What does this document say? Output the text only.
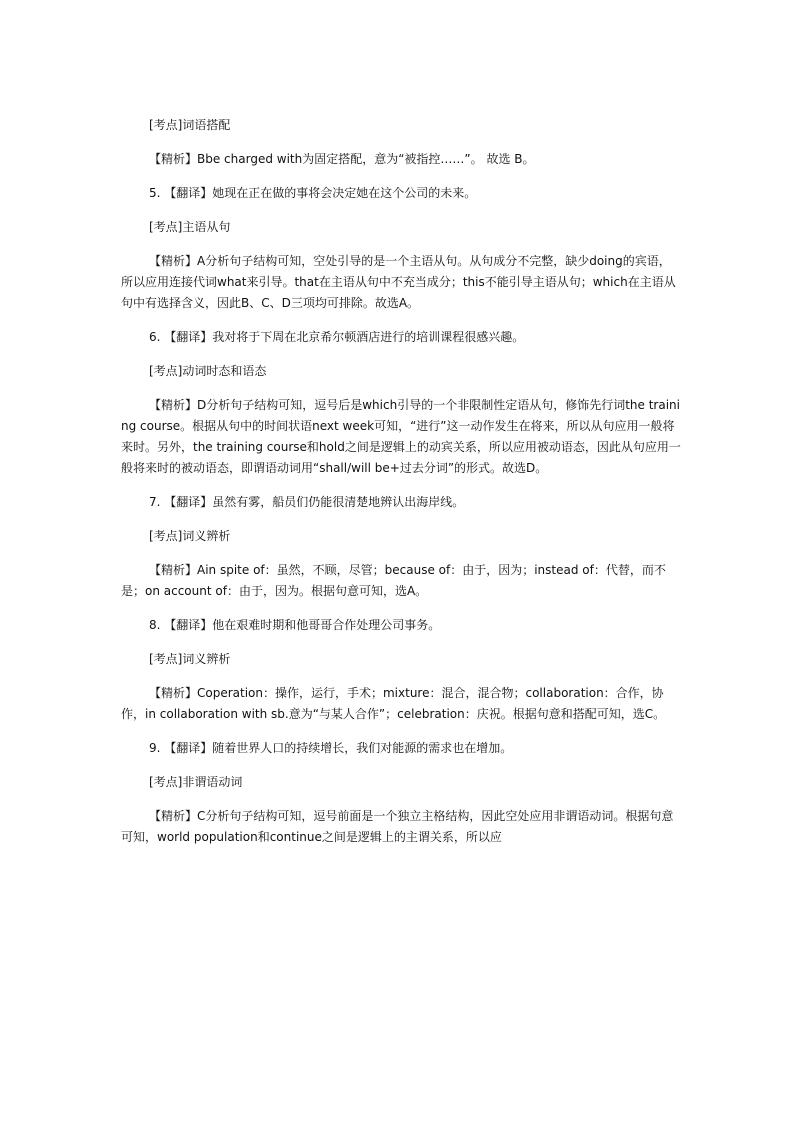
[考点]词语搭配

【精析】Bbe charged with为固定搭配，意为“被指控……”。 故选 B。

5. 【翻译】她现在正在做的事将会决定她在这个公司的未来。

[考点]主语从句

【精析】A分析句子结构可知，空处引导的是一个主语从句。从句成分不完整，缺少doing的宾语，所以应用连接代词what来引导。that在主语从句中不充当成分；this不能引导主语从句；which在主语从句中有选择含义，因此B、C、D三项均可排除。故选A。

6. 【翻译】我对将于下周在北京希尔顿酒店进行的培训课程很感兴趣。

[考点]动词时态和语态

【精析】D分析句子结构可知，逗号后是which引导的一个非限制性定语从句，修饰先行词the training course。根据从句中的时间状语next week可知，“进行”这一动作发生在将来，所以从句应用一般将来时。另外，the training course和hold之间是逻辑上的动宾关系，所以应用被动语态，因此从句应用一般将来时的被动语态，即谓语动词用“shall/will be+过去分词”的形式。故选D。

7. 【翻译】虽然有雾，船员们仍能很清楚地辨认出海岸线。

[考点]词义辨析

【精析】Ain spite of：虽然，不顾，尽管；because of：由于，因为；instead of：代替，而不是；on account of：由于，因为。根据句意可知，选A。

8. 【翻译】他在艰难时期和他哥哥合作处理公司事务。

[考点]词义辨析

【精析】Coperation：操作，运行，手术；mixture：混合，混合物；collaboration：合作，协作，in collaboration with sb.意为“与某人合作”；celebration：庆祝。根据句意和搭配可知，选C。

9. 【翻译】随着世界人口的持续增长，我们对能源的需求也在增加。

[考点]非谓语动词

【精析】C分析句子结构可知，逗号前面是一个独立主格结构，因此空处应用非谓语动词。根据句意可知，world population和continue之间是逻辑上的主谓关系，所以应
